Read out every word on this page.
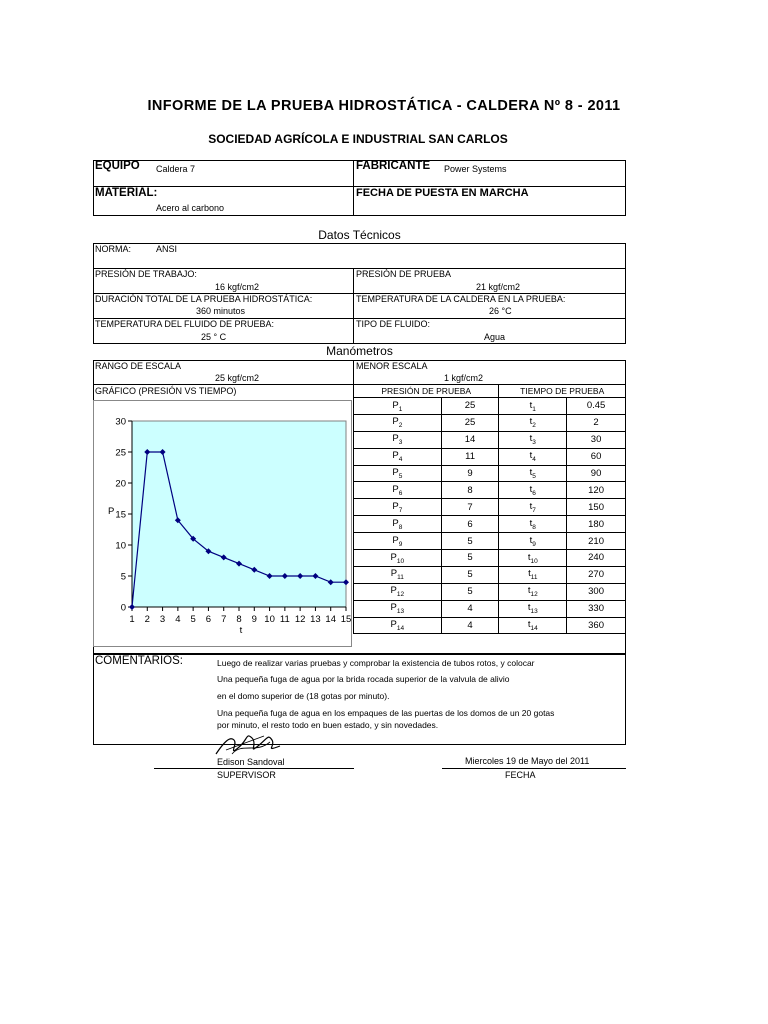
INFORME DE LA PRUEBA HIDROSTÁTICA - CALDERA Nº 8 - 2011
SOCIEDAD AGRÍCOLA E INDUSTRIAL SAN CARLOS
EQUIPO Caldera 7	FABRICANTE Power Systems
MATERIAL:
Acero al carbono
FECHA DE PUESTA EN MARCHA
Datos Técnicos
NORMA:	ANSI
PRESIÓN DE TRABAJO:
16 kgf/cm2
PRESIÓN DE PRUEBA
21 kgf/cm2
DURACIÓN TOTAL DE LA PRUEBA HIDROSTÁTICA:
360 minutos
TEMPERATURA DE LA CALDERA EN LA PRUEBA:
26 °C
TEMPERATURA DEL FLUIDO DE PRUEBA:
25 ° C
TIPO DE FLUIDO:
Agua
Manómetros
RANGO DE ESCALA
25 kgf/cm2
MENOR ESCALA
1 kgf/cm2
GRÁFICO (PRESIÓN VS TIEMPO)	PRESIÓN DE PRUEBA		TIEMPO DE PRUEBA	
$P_1$	25	$t_1$	0.45
$P_2$	25	$t_2$	2
$P_3$	14	$t_3$	30
$P_4$	11	$t_4$	60
$P_5$	9	$t_5$	90
$P_6$	8	$t_6$	120
$P_7$	7	$t_7$	150
$P_8$	6	$t_8$	180
$P_9$	5	$t_9$	210
$P_{10}$	5	$t_{10}$	240
$P_{11}$	5	$t_{11}$	270
$P_{12}$	5	$t_{12}$	300
$P_{13}$	4	$t_{13}$	330
$P_{14}$	4	$t_{14}$	360
0
5
10
15
20
25
30
1 2 3 4 5 6 7 8 9 10 11 12 13 14 15
P
t
COMENTARIOS:	Luego de realizar varias pruebas y comprobar la existencia de tubos rotos, y colocar
Una pequeña fuga de agua por la brida rocada superior de la valvula de alivio
en el domo superior de (18 gotas por minuto).
Una pequeña fuga de agua en los empaques de las puertas de los domos de un 20 gotas
por minuto, el resto todo en buen estado, y sin novedades.
Edison Sandoval
SUPERVISOR
Miercoles 19 de Mayo del 2011
FECHA
